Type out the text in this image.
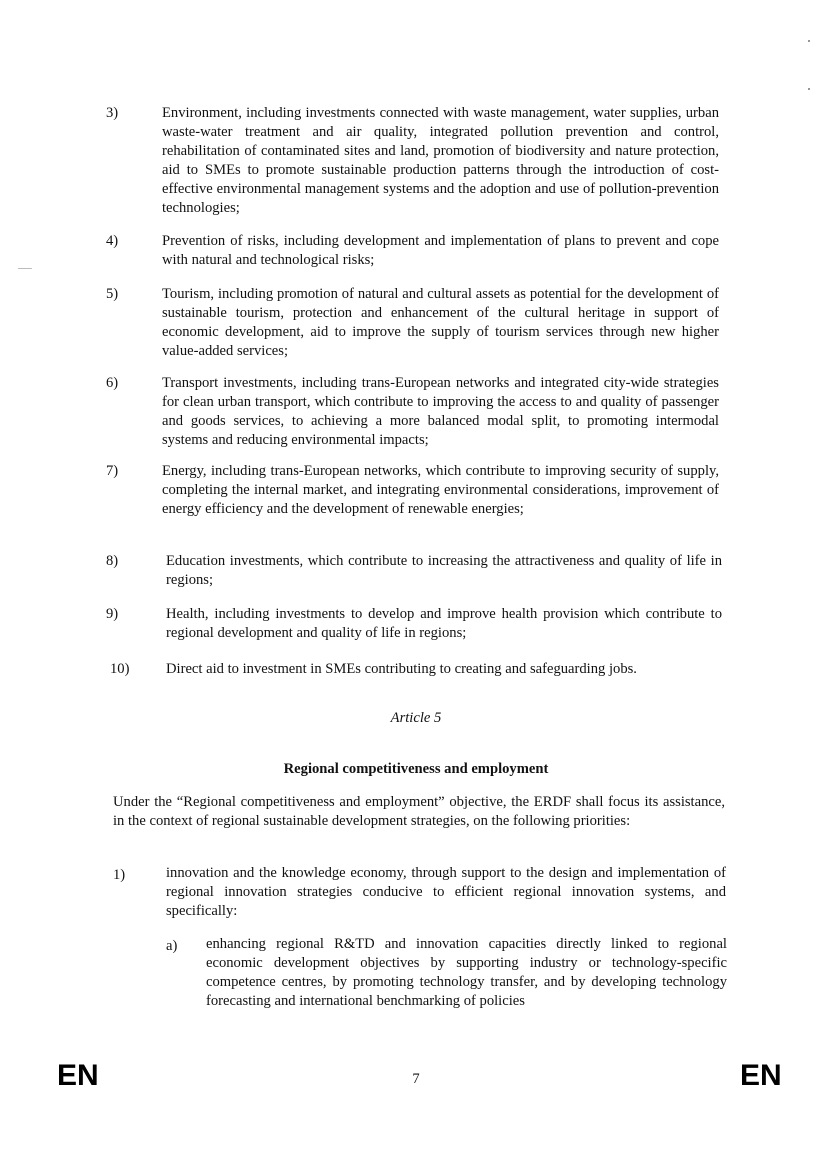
3)	Environment, including investments connected with waste management, water supplies, urban waste-water treatment and air quality, integrated pollution prevention and control, rehabilitation of contaminated sites and land, promotion of biodiversity and nature protection, aid to SMEs to promote sustainable production patterns through the introduction of cost-effective environmental management systems and the adoption and use of pollution-prevention technologies;
4)	Prevention of risks, including development and implementation of plans to prevent and cope with natural and technological risks;
5)	Tourism, including promotion of natural and cultural assets as potential for the development of sustainable tourism, protection and enhancement of the cultural heritage in support of economic development, aid to improve the supply of tourism services through new higher value-added services;
6)	Transport investments, including trans-European networks and integrated city-wide strategies for clean urban transport, which contribute to improving the access to and quality of passenger and goods services, to achieving a more balanced modal split, to promoting intermodal systems and reducing environmental impacts;
7)	Energy, including trans-European networks, which contribute to improving security of supply, completing the internal market, and integrating environmental considerations, improvement of energy efficiency and the development of renewable energies;
8)	Education investments, which contribute to increasing the attractiveness and quality of life in regions;
9)	Health, including investments to develop and improve health provision which contribute to regional development and quality of life in regions;
10)	Direct aid to investment in SMEs contributing to creating and safeguarding jobs.
Article 5
Regional competitiveness and employment
Under the “Regional competitiveness and employment” objective, the ERDF shall focus its assistance, in the context of regional sustainable development strategies, on the following priorities:
1)	innovation and the knowledge economy, through support to the design and implementation of regional innovation strategies conducive to efficient regional innovation systems, and specifically:
a) enhancing regional R&TD and innovation capacities directly linked to regional economic development objectives by supporting industry or technology-specific competence centres, by promoting technology transfer, and by developing technology forecasting and international benchmarking of policies
EN	7	EN
